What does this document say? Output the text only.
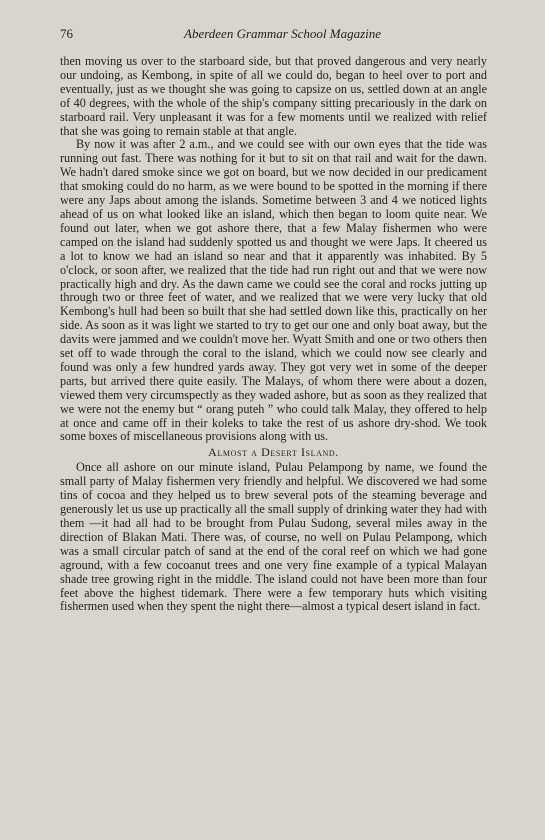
76	Aberdeen Grammar School Magazine

then moving us over to the starboard side, but that proved dangerous and very nearly our undoing, as Kembong, in spite of all we could do, began to heel over to port and eventually, just as we thought she was going to capsize on us, settled down at an angle of 40 degrees, with the whole of the ship's company sitting precariously in the dark on starboard rail. Very unpleasant it was for a few moments until we realized with relief that she was going to remain stable at that angle.

By now it was after 2 a.m., and we could see with our own eyes that the tide was running out fast. There was nothing for it but to sit on that rail and wait for the dawn. We hadn't dared smoke since we got on board, but we now decided in our predicament that smoking could do no harm, as we were bound to be spotted in the morning if there were any Japs about among the islands. Sometime between 3 and 4 we noticed lights ahead of us on what looked like an island, which then began to loom quite near. We found out later, when we got ashore there, that a few Malay fishermen who were camped on the island had suddenly spotted us and thought we were Japs. It cheered us a lot to know we had an island so near and that it apparently was inhabited. By 5 o'clock, or soon after, we realized that the tide had run right out and that we were now practically high and dry. As the dawn came we could see the coral and rocks jutting up through two or three feet of water, and we realized that we were very lucky that old Kembong's hull had been so built that she had settled down like this, practically on her side. As soon as it was light we started to try to get our one and only boat away, but the davits were jammed and we couldn't move her. Wyatt Smith and one or two others then set off to wade through the coral to the island, which we could now see clearly and found was only a few hundred yards away. They got very wet in some of the deeper parts, but arrived there quite easily. The Malays, of whom there were about a dozen, viewed them very circumspectly as they waded ashore, but as soon as they realized that we were not the enemy but “ orang puteh ” who could talk Malay, they offered to help at once and came off in their koleks to take the rest of us ashore dry-shod. We took some boxes of miscellaneous provisions along with us.

Almost a Desert Island.

Once all ashore on our minute island, Pulau Pelampong by name, we found the small party of Malay fishermen very friendly and helpful. We discovered we had some tins of cocoa and they helped us to brew several pots of the steaming beverage and generously let us use up practically all the small supply of drinking water they had with them —it had all had to be brought from Pulau Sudong, several miles away in the direction of Blakan Mati. There was, of course, no well on Pulau Pelampong, which was a small circular patch of sand at the end of the coral reef on which we had gone aground, with a few cocoanut trees and one very fine example of a typical Malayan shade tree growing right in the middle. The island could not have been more than four feet above the highest tidemark. There were a few temporary huts which visiting fishermen used when they spent the night there—almost a typical desert island in fact.
